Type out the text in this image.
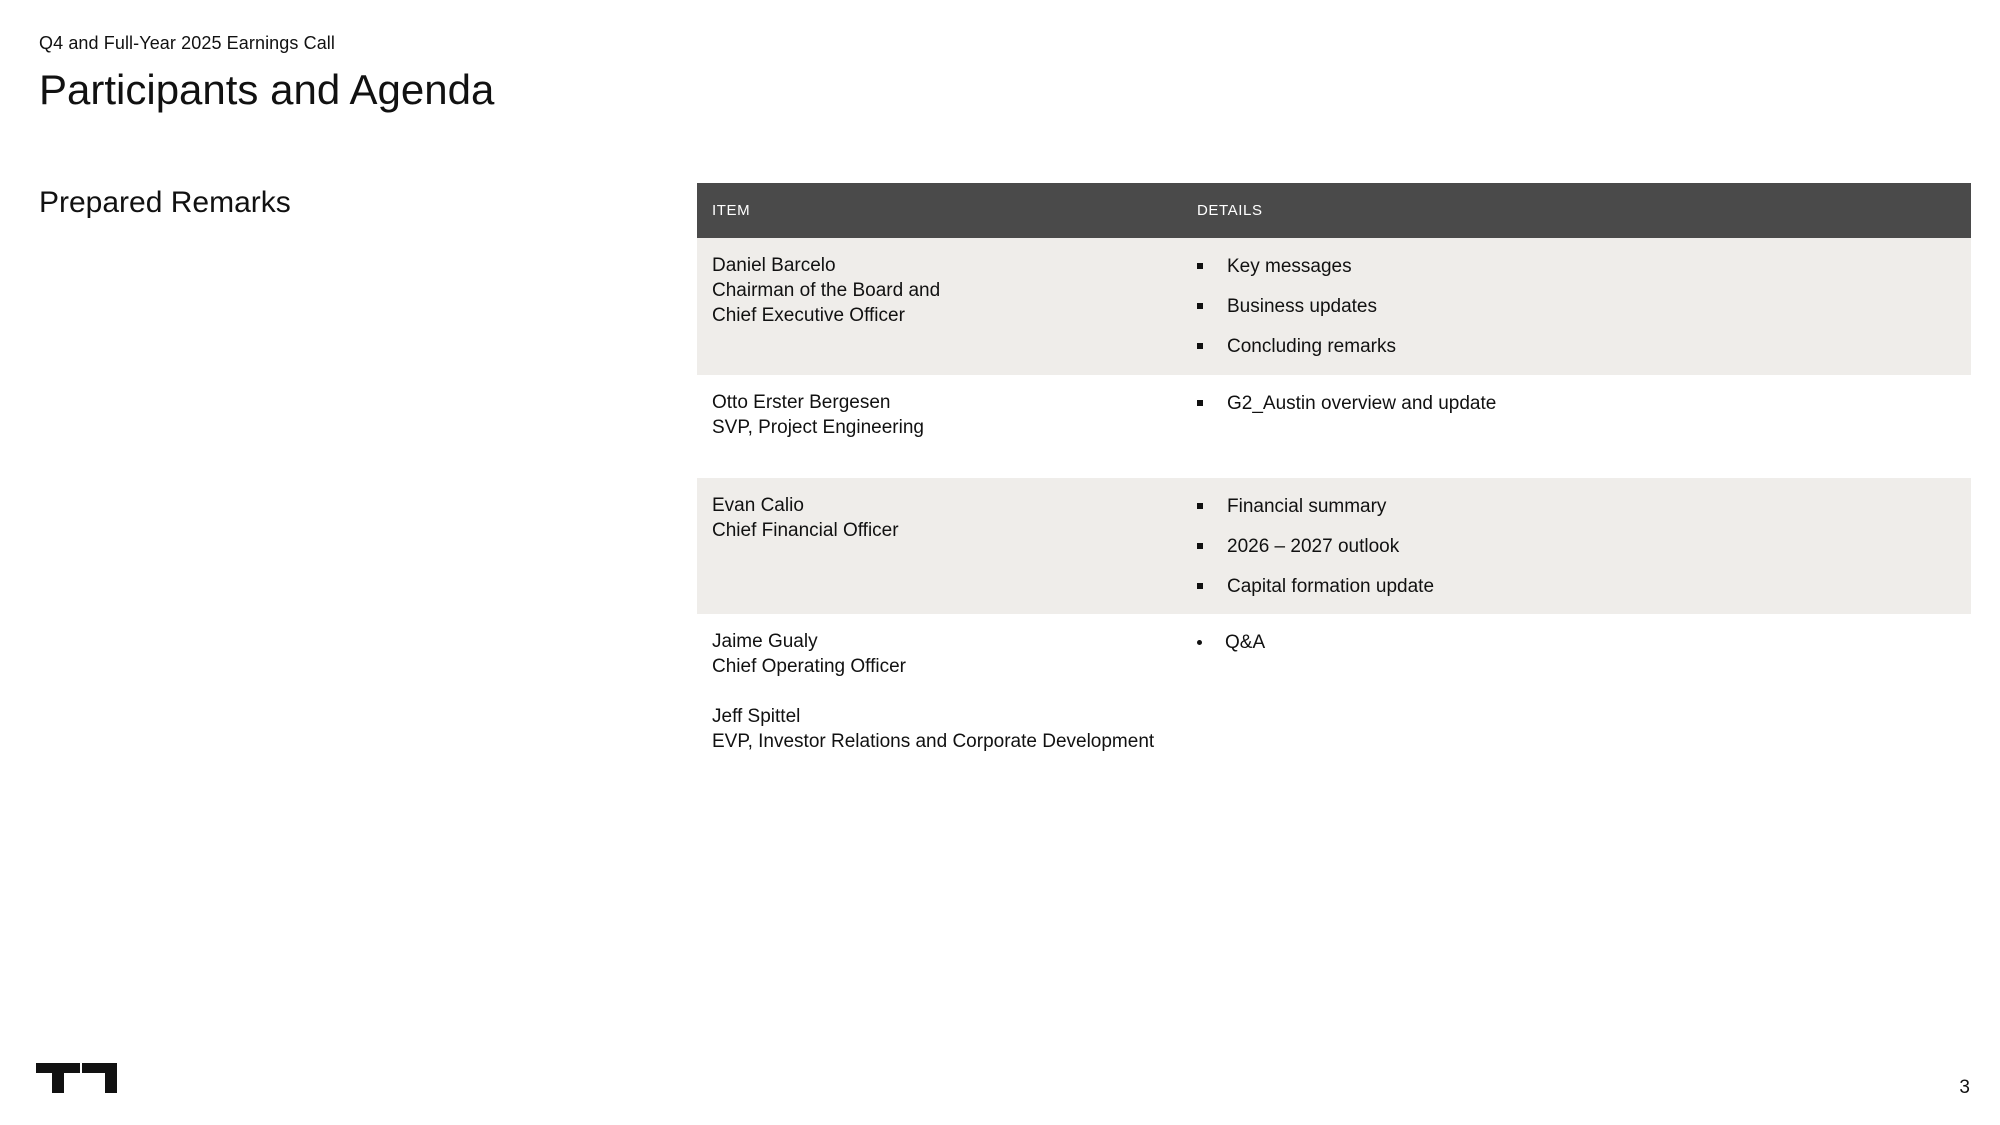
Q4 and Full-Year 2025 Earnings Call
Participants and Agenda
Prepared Remarks	ITEM	DETAILS
Daniel Barcelo
Chairman of the Board and
Chief Executive Officer
Key messages
Business updates
Concluding remarks
Otto Erster Bergesen
SVP, Project Engineering
G2_Austin overview and update
Evan Calio
Chief Financial Officer
Financial summary
2026 – 2027 outlook
Capital formation update
Jaime Gualy
Chief Operating Officer
Jeff Spittel
EVP, Investor Relations and Corporate Development
Q&A
3
